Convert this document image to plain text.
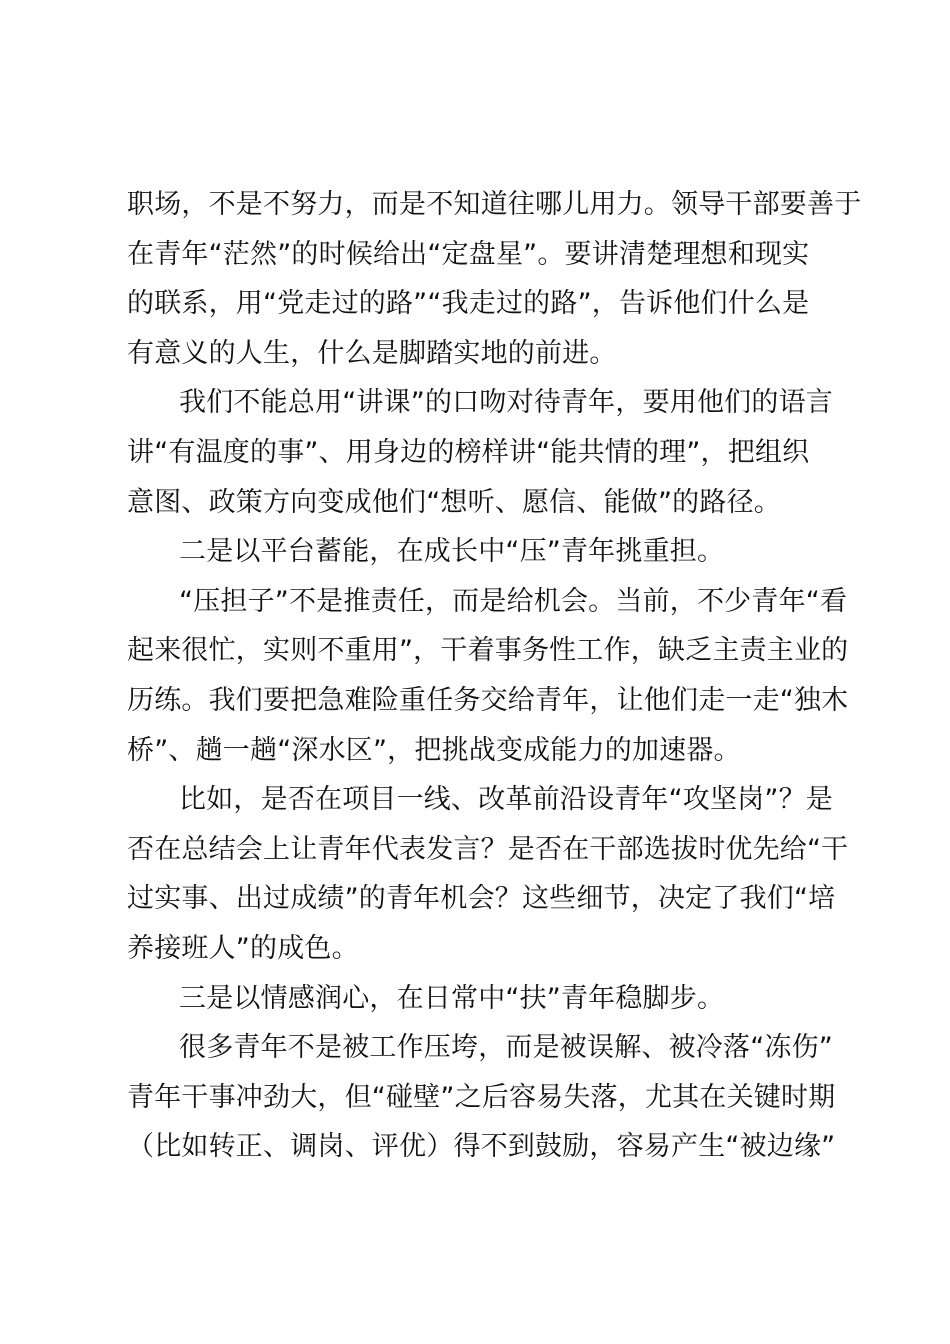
职场，不是不努力，而是不知道往哪儿用力。领导干部要善于
在青年“茫然”的时候给出“定盘星”。要讲清楚理想和现实
的联系，用“党走过的路”“我走过的路”，告诉他们什么是
有意义的人生，什么是脚踏实地的前进。
我们不能总用“讲课”的口吻对待青年，要用他们的语言
讲“有温度的事”、用身边的榜样讲“能共情的理”，把组织
意图、政策方向变成他们“想听、愿信、能做”的路径。
二是以平台蓄能，在成长中“压”青年挑重担。
“压担子”不是推责任，而是给机会。当前，不少青年“看
起来很忙，实则不重用”，干着事务性工作，缺乏主责主业的
历练。我们要把急难险重任务交给青年，让他们走一走“独木
桥”、趟一趟“深水区”，把挑战变成能力的加速器。
比如，是否在项目一线、改革前沿设青年“攻坚岗”？是
否在总结会上让青年代表发言？是否在干部选拔时优先给“干
过实事、出过成绩”的青年机会？这些细节，决定了我们“培
养接班人”的成色。
三是以情感润心，在日常中“扶”青年稳脚步。
很多青年不是被工作压垮，而是被误解、被冷落“冻伤”
青年干事冲劲大，但“碰壁”之后容易失落，尤其在关键时期
（比如转正、调岗、评优）得不到鼓励，容易产生“被边缘”
